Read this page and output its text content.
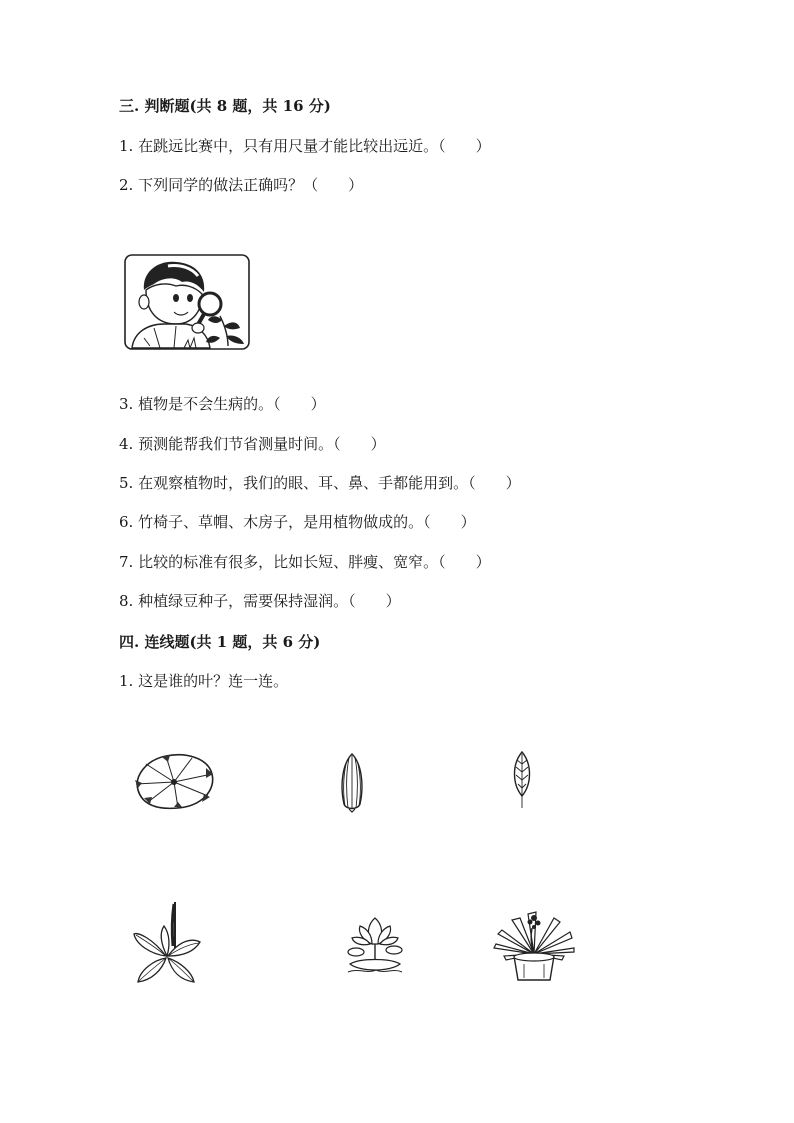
三. 判断题(共 8 题，共 16 分)
1. 在跳远比赛中，只有用尺量才能比较出远近。（　　）
2. 下列同学的做法正确吗？（　　）
3. 植物是不会生病的。（　　）
4. 预测能帮我们节省测量时间。（　　）
5. 在观察植物时，我们的眼、耳、鼻、手都能用到。（　　）
6. 竹椅子、草帽、木房子，是用植物做成的。（　　）
7. 比较的标准有很多，比如长短、胖瘦、宽窄。（　　）
8. 种植绿豆种子，需要保持湿润。（　　）
四. 连线题(共 1 题，共 6 分)
1. 这是谁的叶？连一连。
